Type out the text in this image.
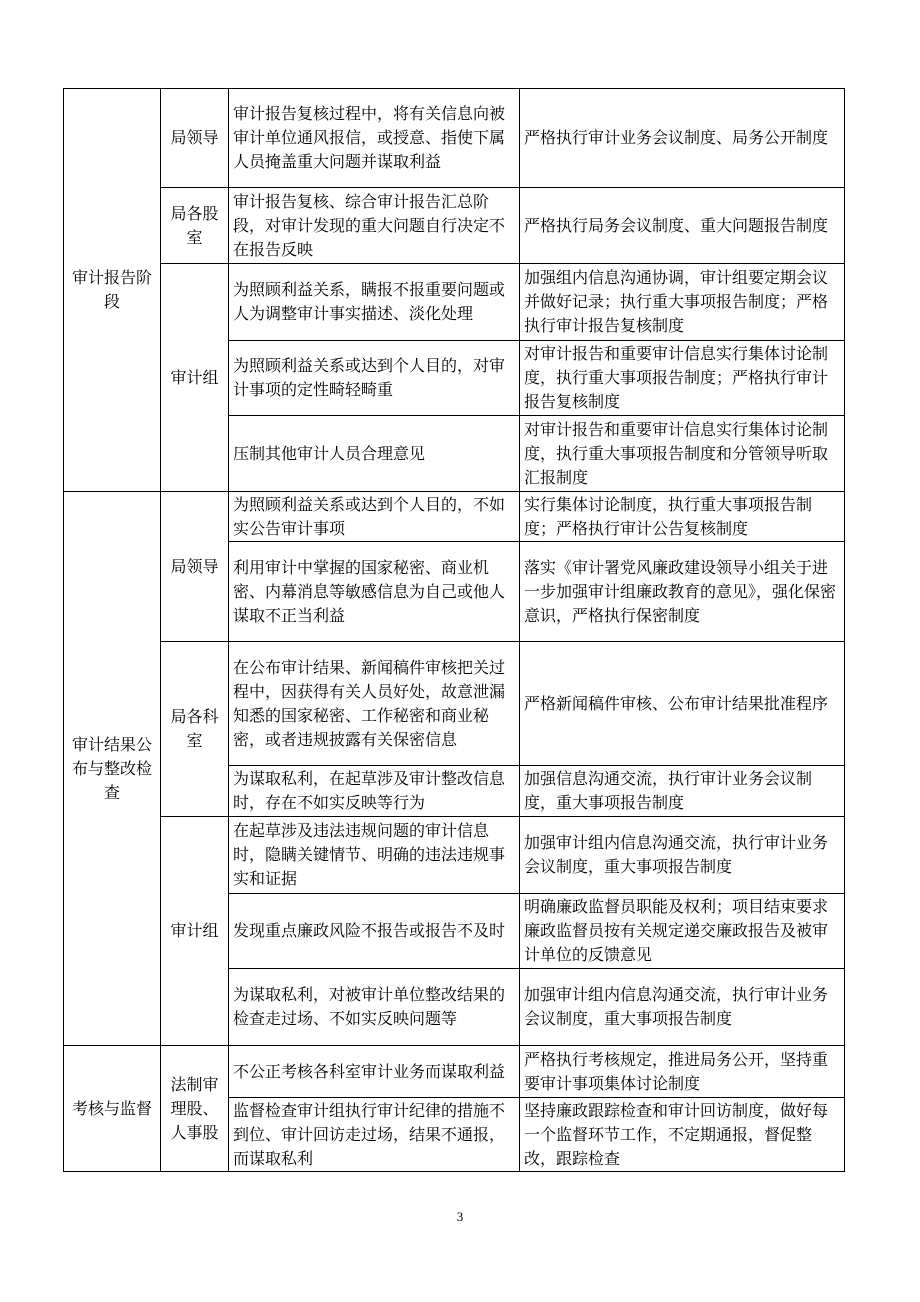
审计报告阶段	局领导	审计报告复核过程中，将有关信息向被审计单位通风报信，或授意、指使下属人员掩盖重大问题并谋取利益	严格执行审计业务会议制度、局务公开制度
	局各股室	审计报告复核、综合审计报告汇总阶段，对审计发现的重大问题自行决定不在报告反映	严格执行局务会议制度、重大问题报告制度
	审计组	为照顾利益关系，瞒报不报重要问题或人为调整审计事实描述、淡化处理	加强组内信息沟通协调，审计组要定期会议并做好记录；执行重大事项报告制度；严格执行审计报告复核制度
		为照顾利益关系或达到个人目的，对审计事项的定性畸轻畸重	对审计报告和重要审计信息实行集体讨论制度，执行重大事项报告制度；严格执行审计报告复核制度
		压制其他审计人员合理意见	对审计报告和重要审计信息实行集体讨论制度，执行重大事项报告制度和分管领导听取汇报制度
审计结果公布与整改检查	局领导	为照顾利益关系或达到个人目的，不如实公告审计事项	实行集体讨论制度，执行重大事项报告制度；严格执行审计公告复核制度
		利用审计中掌握的国家秘密、商业机密、内幕消息等敏感信息为自己或他人谋取不正当利益	落实《审计署党风廉政建设领导小组关于进一步加强审计组廉政教育的意见》，强化保密意识，严格执行保密制度
	局各科室	在公布审计结果、新闻稿件审核把关过程中，因获得有关人员好处，故意泄漏知悉的国家秘密、工作秘密和商业秘密，或者违规披露有关保密信息	严格新闻稿件审核、公布审计结果批准程序
		为谋取私利，在起草涉及审计整改信息时，存在不如实反映等行为	加强信息沟通交流，执行审计业务会议制度，重大事项报告制度
	审计组	在起草涉及违法违规问题的审计信息时，隐瞒关键情节、明确的违法违规事实和证据	加强审计组内信息沟通交流，执行审计业务会议制度，重大事项报告制度
		发现重点廉政风险不报告或报告不及时	明确廉政监督员职能及权利；项目结束要求廉政监督员按有关规定递交廉政报告及被审计单位的反馈意见
		为谋取私利，对被审计单位整改结果的检查走过场、不如实反映问题等	加强审计组内信息沟通交流，执行审计业务会议制度，重大事项报告制度
考核与监督	法制审理股、人事股	不公正考核各科室审计业务而谋取利益	严格执行考核规定，推进局务公开，坚持重要审计事项集体讨论制度
		监督检查审计组执行审计纪律的措施不到位、审计回访走过场，结果不通报，而谋取私利	坚持廉政跟踪检查和审计回访制度，做好每一个监督环节工作，不定期通报，督促整改，跟踪检查
3
